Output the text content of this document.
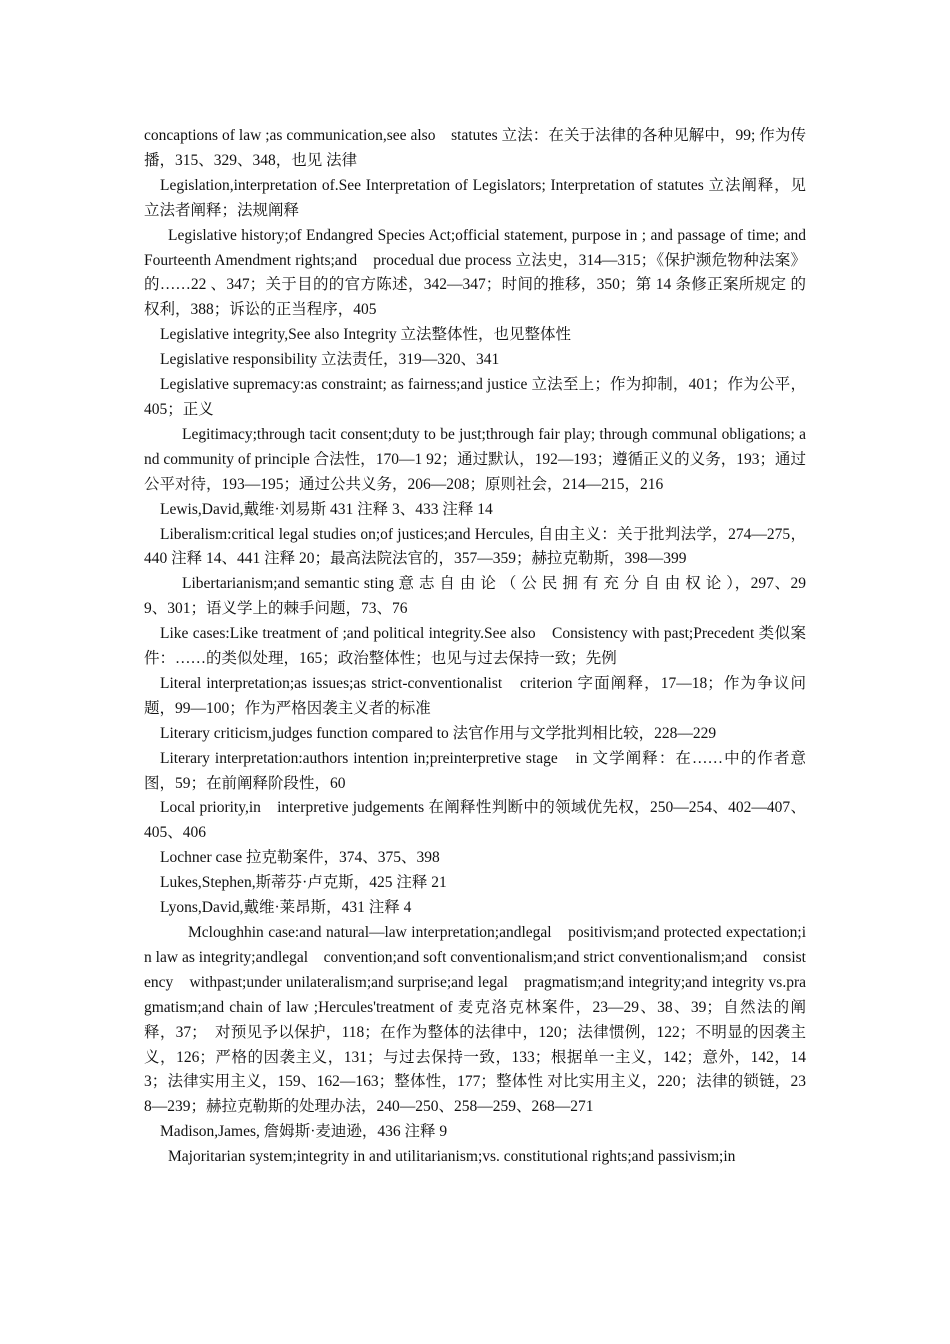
concaptions of law ;as communication,see also　statutes 立法：在关于法律的各种见解中，99; 作为传播，315、329、348，也见 法律

Legislation,interpretation of.See Interpretation of Legislators; Interpretation of statutes 立法阐释，见立法者阐释；法规阐释

Legislative history;of Endangred Species Act;official statement, purpose in ; and passage of time; and Fourteenth Amendment rights;and　procedual due process 立法史，314—315；《保护濒危物种法案》的……22 、347；关于目的的官方陈述，342—347；时间的推移，350；第 14 条修正案所规定 的权利，388；诉讼的正当程序，405

Legislative integrity,See also Integrity 立法整体性，也见整体性

Legislative responsibility 立法责任，319—320、341

Legislative supremacy:as constraint; as fairness;and justice 立法至上；作为抑制，401；作为公平，405；正义

Legitimacy;through tacit consent;duty to be just;through fair play; through communal obligations; and community of principle 合法性，170—1 92；通过默认，192—193；遵循正义的义务，193；通过公平对待，193—195；通过公共义务，206—208；原则社会，214—215，216

Lewis,David,戴维·刘易斯 431 注释 3、433 注释 14

Liberalism:critical legal studies on;of justices;and Hercules, 自由主义：关于批判法学，274—275，440 注释 14、441 注释 20；最高法院法官的，357—359；赫拉克勒斯，398—399

Libertarianism;and semantic sting 意 志 自 由 论 （ 公 民 拥 有 充 分 自 由 权 论 ），297、299、301；语义学上的棘手问题，73、76

Like cases:Like treatment of ;and political integrity.See also　Consistency with past;Precedent 类似案件：……的类似处理，165；政治整体性；也见与过去保持一致；先例

Literal interpretation;as issues;as strict-conventionalist　criterion 字面阐释，17—18；作为争议问题，99—100；作为严格因袭主义者的标准

Literary criticism,judges function compared to 法官作用与文学批判相比较，228—229

Literary interpretation:authors intention in;preinterpretive stage　in 文学阐释：在……中的作者意图，59；在前阐释阶段性，60

Local priority,in　interpretive judgements 在阐释性判断中的领域优先权，250—254、402—407、405、406

Lochner case 拉克勒案件，374、375、398

Lukes,Stephen,斯蒂芬·卢克斯，425 注释 21

Lyons,David,戴维·莱昂斯，431 注释 4

Mcloughhin case:and natural—law interpretation;andlegal　positivism;and protected expectation;in law as integrity;andlegal　convention;and soft conventionalism;and strict conventionalism;and　consistency　withpast;under unilateralism;and surprise;and legal　pragmatism;and integrity;and integrity vs.pragmatism;and chain of law ;Hercules'treatment of 麦克洛克林案件，23—29、38、39；自然法的阐释，37；　对预见予以保护，118；在作为整体的法律中，120；法律惯例，122；不明显的因袭主义，126；严格的因袭主义，131；与过去保持一致，133；根据单一主义，142；意外，142，143；法律实用主义，159、162—163；整体性，177；整体性 对比实用主义，220；法律的锁链，238—239；赫拉克勒斯的处理办法，240—250、258—259、268—271

Madison,James, 詹姆斯·麦迪逊，436 注释 9

Majoritarian system;integrity in and utilitarianism;vs. constitutional rights;and passivism;in
